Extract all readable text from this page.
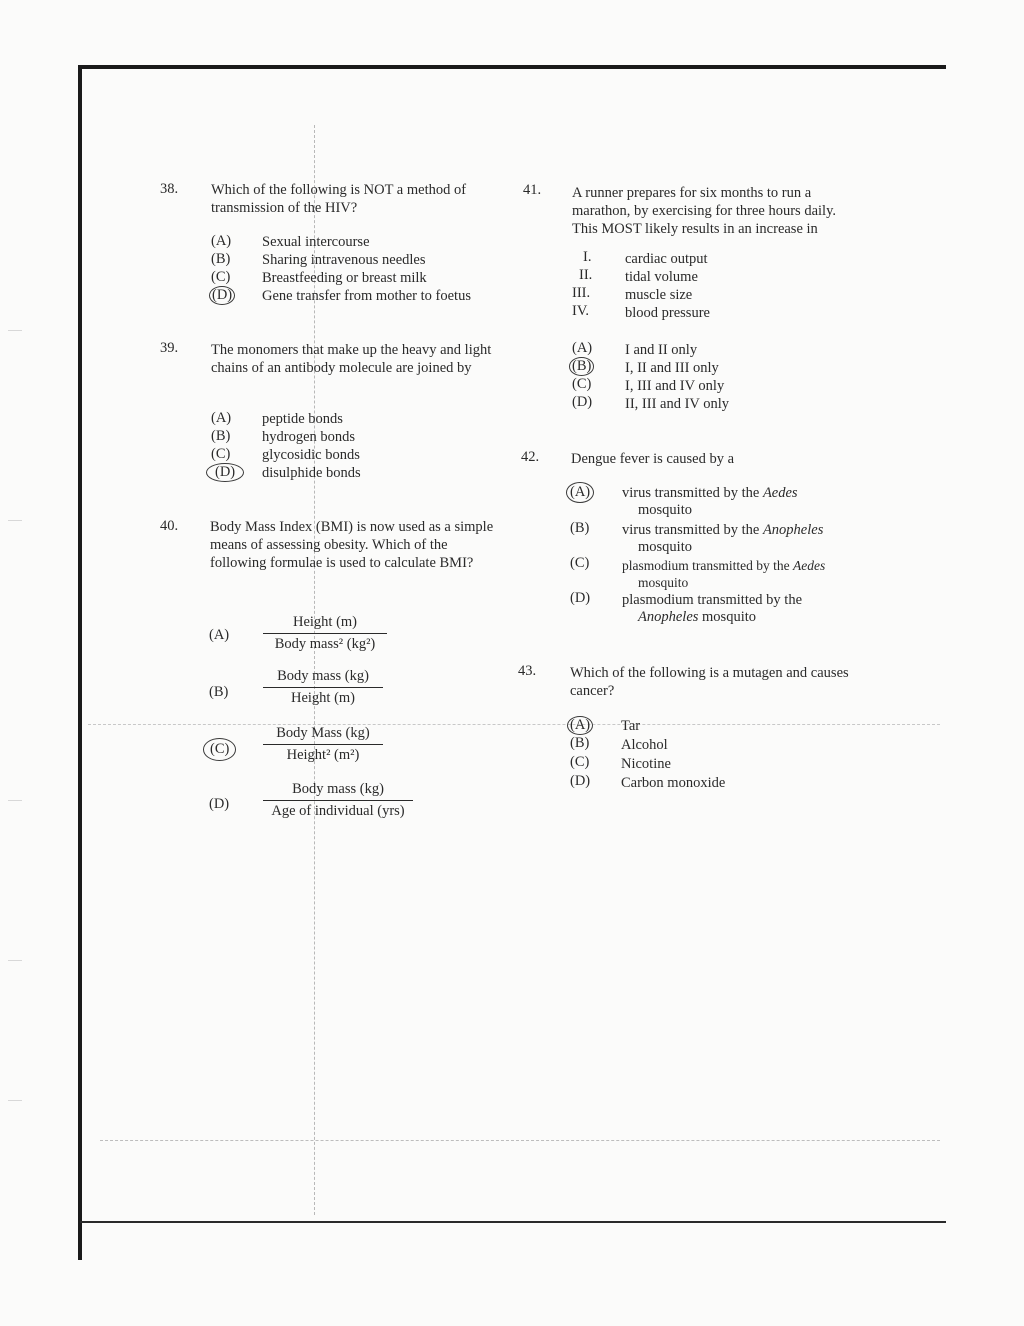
38. Which of the following is NOT a method of transmission of the HIV?
(A) Sexual intercourse
(B) Sharing intravenous needles
(C) Breastfeeding or breast milk
(D) Gene transfer from mother to foetus
39. The monomers that make up the heavy and light chains of an antibody molecule are joined by
(A) peptide bonds
(B) hydrogen bonds
(C) glycosidic bonds
(D)	disulphide bonds
40. Body Mass Index (BMI) is now used as a simple means of assessing obesity. Which of the following formulae is used to calculate BMI?
(A)
Height (m)
Body mass² (kg²)
(B)
Body mass (kg)
Height (m)
(C)
Body Mass (kg)
Height² (m²)
(D)
Body mass (kg)
Age of individual (yrs)
41. A runner prepares for six months to run a marathon, by exercising for three hours daily. This MOST likely results in an increase in
I. cardiac output
II. tidal volume
III. muscle size
IV. blood pressure
(A) I and II only
(B) I, II and III only
(C) I, III and IV only
(D) II, III and IV only
42. Dengue fever is caused by a
(A) virus transmitted by the Aedes
mosquito
(B) virus transmitted by the Anopheles
mosquito
(C) plasmodium transmitted by the Aedes
mosquito
(D) plasmodium transmitted by the
Anopheles mosquito
43. Which of the following is a mutagen and causes cancer?
(A) Tar
(B) Alcohol
(C) Nicotine
(D) Carbon monoxide
